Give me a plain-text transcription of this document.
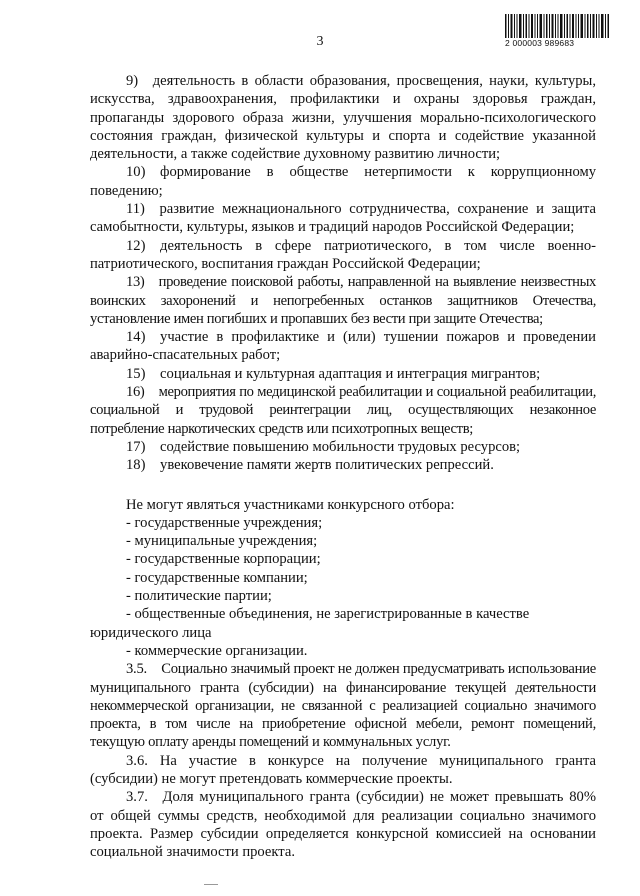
3	2 000003 989683

9) деятельность в области образования, просвещения, науки, культуры, искусства, здравоохранения, профилактики и охраны здоровья граждан, пропаганды здорового образа жизни, улучшения морально-психологического состояния граждан, физической культуры и спорта и содействие указанной деятельности, а также содействие духовному развитию личности;

10) формирование в обществе нетерпимости к коррупционному поведению;

11) развитие межнационального сотрудничества, сохранение и защита самобытности, культуры, языков и традиций народов Российской Федерации;

12) деятельность в сфере патриотического, в том числе военно-патриотического, воспитания граждан Российской Федерации;

13) проведение поисковой работы, направленной на выявление неизвестных воинских захоронений и непогребенных останков защитников Отечества, установление имен погибших и пропавших без вести при защите Отечества;

14) участие в профилактике и (или) тушении пожаров и проведении аварийно-спасательных работ;

15) социальная и культурная адаптация и интеграция мигрантов;

16) мероприятия по медицинской реабилитации и социальной реабилитации, социальной и трудовой реинтеграции лиц, осуществляющих незаконное потребление наркотических средств или психотропных веществ;

17) содействие повышению мобильности трудовых ресурсов;

18) увековечение памяти жертв политических репрессий.

Не могут являться участниками конкурсного отбора:

- государственные учреждения;

- муниципальные учреждения;

- государственные корпорации;

- государственные компании;

- политические партии;

- общественные объединения, не зарегистрированные в качестве юридического лица

- коммерческие организации.

3.5. Социально значимый проект не должен предусматривать использование муниципального гранта (субсидии) на финансирование текущей деятельности некоммерческой организации, не связанной с реализацией социально значимого проекта, в том числе на приобретение офисной мебели, ремонт помещений, текущую оплату аренды помещений и коммунальных услуг.

3.6. На участие в конкурсе на получение муниципального гранта (субсидии) не могут претендовать коммерческие проекты.

3.7. Доля муниципального гранта (субсидии) не может превышать 80% от общей суммы средств, необходимой для реализации социально значимого проекта. Размер субсидии определяется конкурсной комиссией на основании социальной значимости проекта.
